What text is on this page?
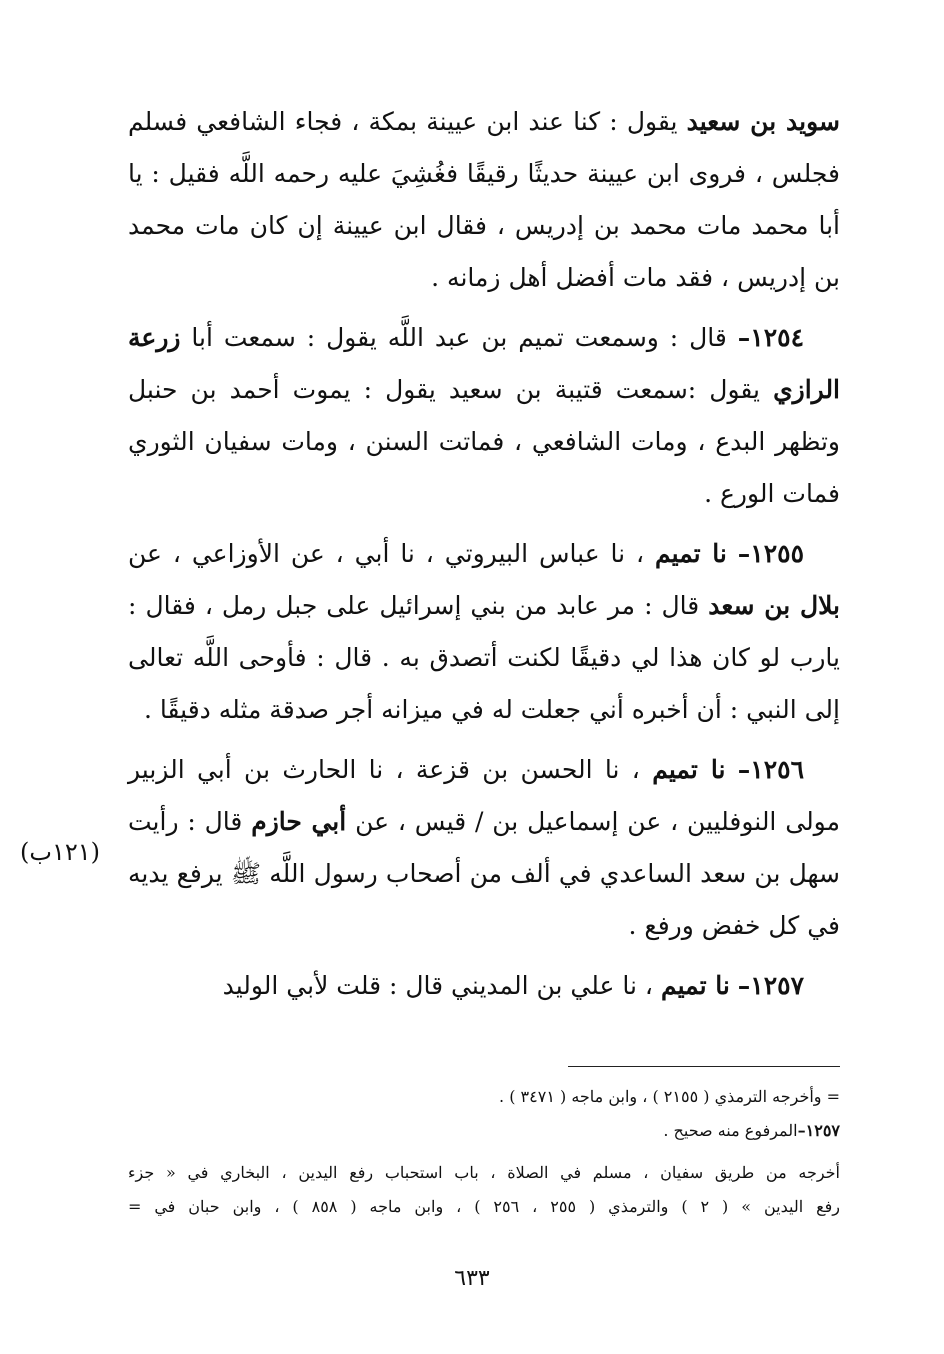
سويد بن سعيد يقول : كنا عند ابن عيينة بمكة ، فجاء الشافعي فسلم فجلس ، فروى ابن عيينة حديثًا رقيقًا فغُشِيَ عليه رحمه اللَّه فقيل : يا أبا محمد مات محمد بن إدريس ، فقال ابن عيينة إن كان مات محمد بن إدريس ، فقد مات أفضل أهل زمانه .

١٢٥٤– قال : وسمعت تميم بن عبد اللَّه يقول : سمعت أبا زرعة الرازي يقول :سمعت قتيبة بن سعيد يقول : يموت أحمد بن حنبل وتظهر البدع ، ومات الشافعي ، فماتت السنن ، ومات سفيان الثوري فمات الورع .

١٢٥٥– نا تميم ، نا عباس البيروتي ، نا أبي ، عن الأوزاعي ، عن بلال بن سعد قال : مر عابد من بني إسرائيل على جبل رمل ، فقال : يارب لو كان هذا لي دقيقًا لكنت أتصدق به . قال : فأوحى اللَّه تعالى إلى النبي : أن أخبره أني جعلت له في ميزانه أجر صدقة مثله دقيقًا .

١٢٥٦– نا تميم ، نا الحسن بن قزعة ، نا الحارث بن أبي الزبير مولى النوفليين ، عن إسماعيل بن / قيس ، عن أبي حازم قال : رأيت سهل بن سعد الساعدي في ألف من أصحاب رسول اللَّه ﷺ يرفع يديه في كل خفض ورفع .

١٢٥٧– نا تميم ، نا علي بن المديني قال : قلت لأبي الوليد

(١٢١ب)

= وأخرجه الترمذي ( ٢١٥٥ ) ، وابن ماجه ( ٣٤٧١ ) .

١٢٥٧–المرفوع منه صحيح .

أخرجه من طريق سفيان ، مسلم في الصلاة ، باب استحباب رفع اليدين ، البخاري في « جزء

رفع اليدين » ( ٢ ) والترمذي ( ٢٥٥ ، ٢٥٦ ) ، وابن ماجه ( ٨٥٨ ) ، وابن حبان في =

٦٣٣
